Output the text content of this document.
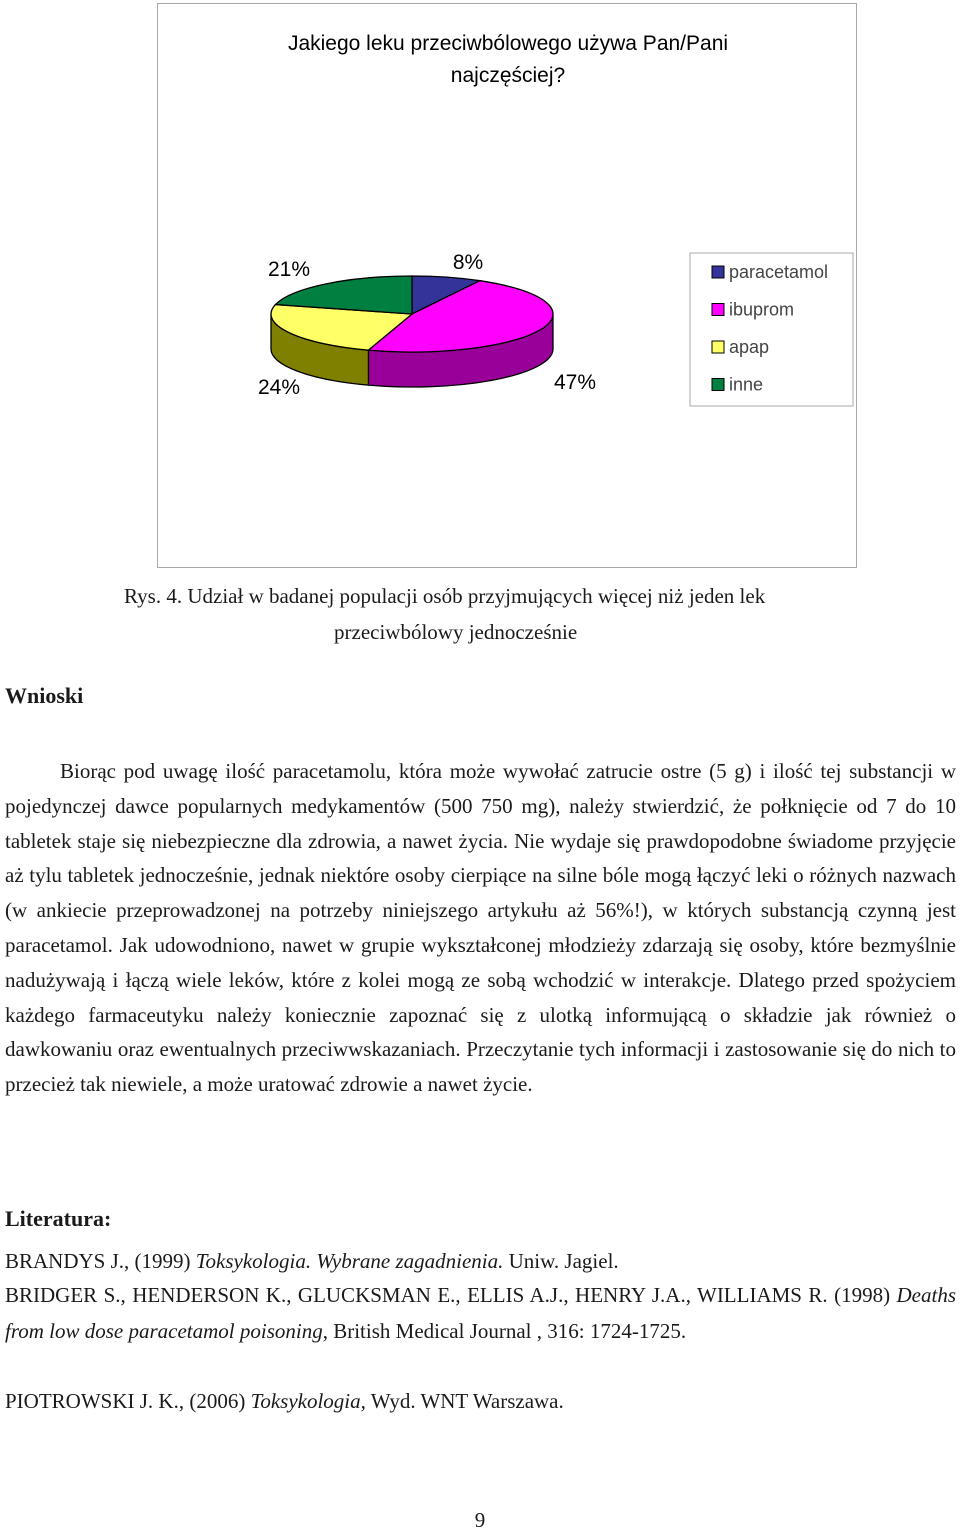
Jakiego leku przeciwbólowego używa Pan/Pani
najczęściej?
8%
47%
24%
21%	paracetamol
ibuprom
apap
inne
Rys. 4. Udział w badanej populacji osób przyjmujących więcej niż jeden lek
przeciwbólowy jednocześnie
Wnioski

Biorąc pod uwagę ilość paracetamolu, która może wywołać zatrucie ostre (5 g) i ilość tej substancji w pojedynczej dawce popularnych medykamentów (500 750 mg), należy stwierdzić, że połknięcie od 7 do 10 tabletek staje się niebezpieczne dla zdrowia, a nawet życia. Nie wydaje się prawdopodobne świadome przyjęcie aż tylu tabletek jednocześnie, jednak niektóre osoby cierpiące na silne bóle mogą łączyć leki o różnych nazwach (w ankiecie przeprowadzonej na potrzeby niniejszego artykułu aż 56%!), w których substancją czynną jest paracetamol. Jak udowodniono, nawet w grupie wykształconej młodzieży zdarzają się osoby, które bezmyślnie nadużywają i łączą wiele leków, które z kolei mogą ze sobą wchodzić w interakcje. Dlatego przed spożyciem każdego farmaceutyku należy koniecznie zapoznać się z ulotką informującą o składzie jak również o dawkowaniu oraz ewentualnych przeciwwskazaniach. Przeczytanie tych informacji i zastosowanie się do nich to przecież tak niewiele, a może uratować zdrowie a nawet życie.

Literatura:

BRANDYS J., (1999) Toksykologia. Wybrane zagadnienia. Uniw. Jagiel.

BRIDGER S., HENDERSON K., GLUCKSMAN E., ELLIS A.J., HENRY J.A., WILLIAMS R. (1998) Deaths from low dose paracetamol poisoning, British Medical Journal , 316: 1724-1725.

PIOTROWSKI J. K., (2006) Toksykologia, Wyd. WNT Warszawa.

9
